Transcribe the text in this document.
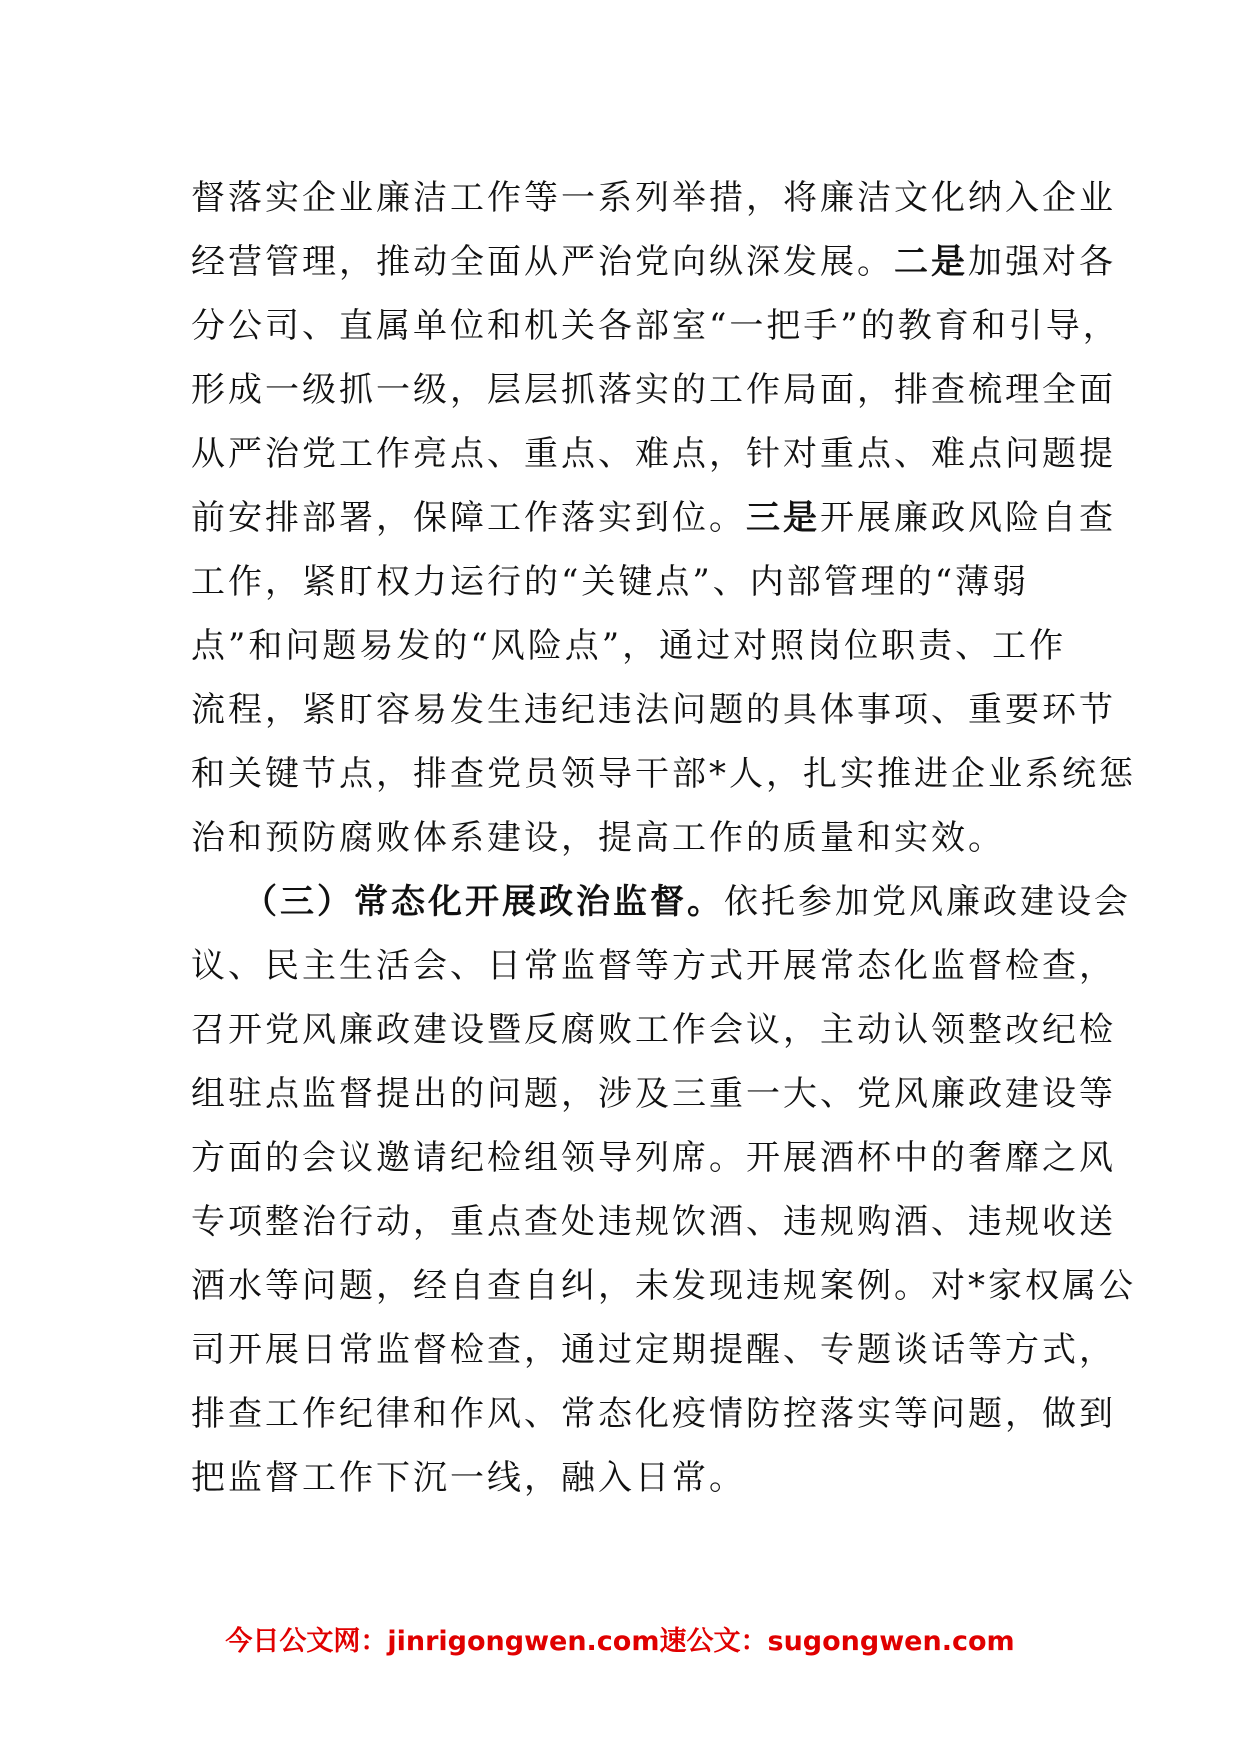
督落实企业廉洁工作等一系列举措，将廉洁文化纳入企业
经营管理，推动全面从严治党向纵深发展。二是加强对各
分公司、直属单位和机关各部室“一把手”的教育和引导，
形成一级抓一级，层层抓落实的工作局面，排查梳理全面
从严治党工作亮点、重点、难点，针对重点、难点问题提
前安排部署，保障工作落实到位。三是开展廉政风险自查
工作，紧盯权力运行的“关键点”、内部管理的“薄弱
点”和问题易发的“风险点”，通过对照岗位职责、工作
流程，紧盯容易发生违纪违法问题的具体事项、重要环节
和关键节点，排查党员领导干部*人，扎实推进企业系统惩
治和预防腐败体系建设，提高工作的质量和实效。
（三）常态化开展政治监督。依托参加党风廉政建设会
议、民主生活会、日常监督等方式开展常态化监督检查，
召开党风廉政建设暨反腐败工作会议，主动认领整改纪检
组驻点监督提出的问题，涉及三重一大、党风廉政建设等
方面的会议邀请纪检组领导列席。开展酒杯中的奢靡之风
专项整治行动，重点查处违规饮酒、违规购酒、违规收送
酒水等问题，经自查自纠，未发现违规案例。对*家权属公
司开展日常监督检查，通过定期提醒、专题谈话等方式，
排查工作纪律和作风、常态化疫情防控落实等问题，做到
把监督工作下沉一线，融入日常。
今日公文网：jinrigongwen.com速公文：sugongwen.com
